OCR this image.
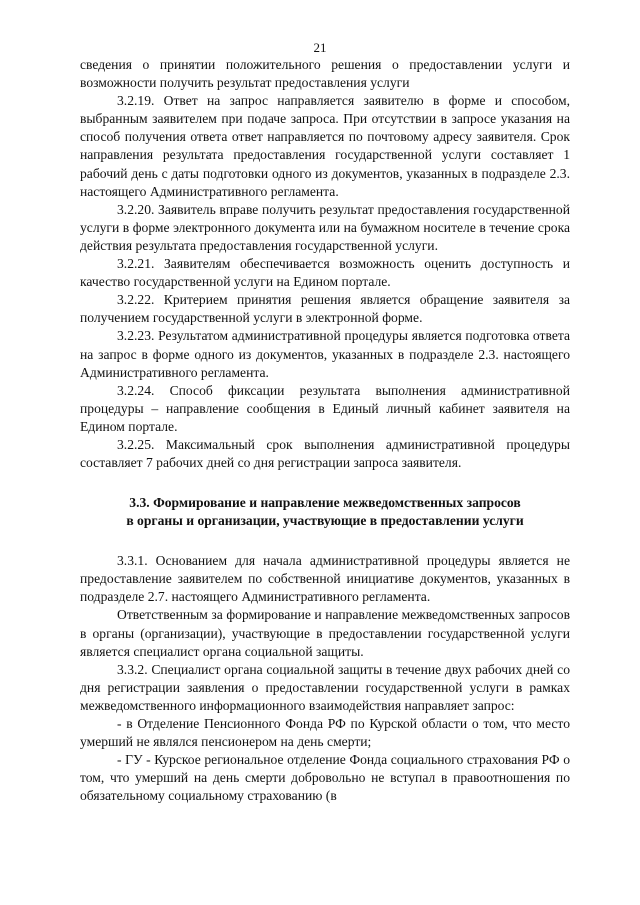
21

сведения о принятии положительного решения о предоставлении услуги и возможности получить результат предоставления услуги

3.2.19. Ответ на запрос направляется заявителю в форме и способом, выбранным заявителем при подаче запроса. При отсутствии в запросе указания на способ получения ответа ответ направляется по почтовому адресу заявителя. Срок направления результата предоставления государственной услуги составляет 1 рабочий день с даты подготовки одного из документов, указанных в подразделе 2.3. настоящего Административного регламента.

3.2.20. Заявитель вправе получить результат предоставления государственной услуги в форме электронного документа или на бумажном носителе в течение срока действия результата предоставления государственной услуги.

3.2.21. Заявителям обеспечивается возможность оценить доступность и качество государственной услуги на Едином портале.

3.2.22. Критерием принятия решения является обращение заявителя за получением государственной услуги в электронной форме.

3.2.23. Результатом административной процедуры является подготовка ответа на запрос в форме одного из документов, указанных в подразделе 2.3. настоящего Административного регламента.

3.2.24. Способ фиксации результата выполнения административной процедуры – направление сообщения в Единый личный кабинет заявителя на Едином портале.

3.2.25. Максимальный срок выполнения административной процедуры составляет 7 рабочих дней со дня регистрации запроса заявителя.

3.3. Формирование и направление межведомственных запросов
в органы и организации, участвующие в предоставлении услуги

3.3.1. Основанием для начала административной процедуры является не предоставление заявителем по собственной инициативе документов, указанных в подразделе 2.7. настоящего Административного регламента.

Ответственным за формирование и направление межведомственных запросов в органы (организации), участвующие в предоставлении государственной услуги является специалист органа социальной защиты.

3.3.2. Специалист органа социальной защиты в течение двух рабочих дней со дня регистрации заявления о предоставлении государственной услуги в рамках межведомственного информационного взаимодействия направляет запрос:

- в Отделение Пенсионного Фонда РФ по Курской области о том, что место умерший не являлся пенсионером на день смерти;

- ГУ - Курское региональное отделение Фонда социального страхования РФ о том, что умерший на день смерти добровольно не вступал в правоотношения по обязательному социальному страхованию (в
